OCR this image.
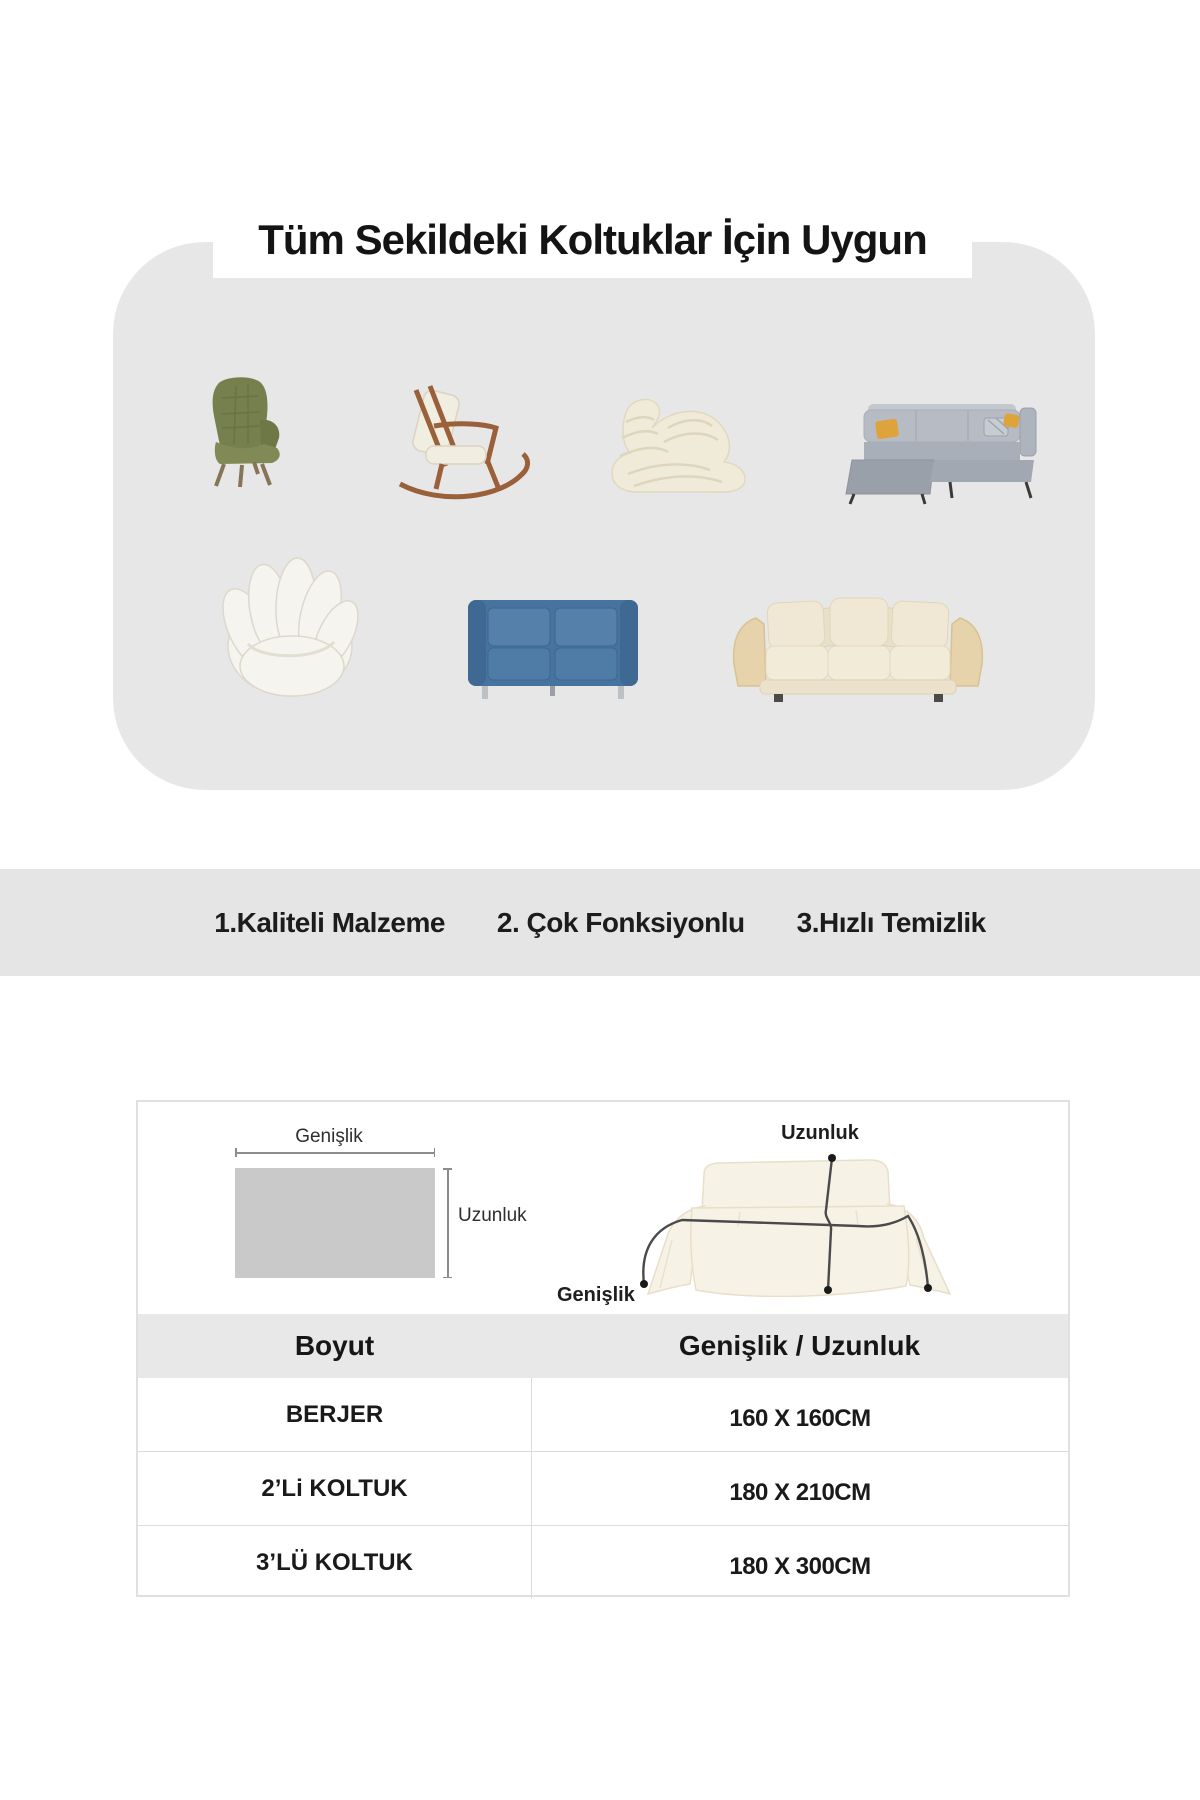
Tüm Sekildeki Koltuklar İçin Uygun
1.Kaliteli Malzeme 2. Çok Fonksiyonlu 3.Hızlı Temizlik
Genişlik
Uzunluk
Uzunluk
Genişlik
Boyut	Genişlik / Uzunluk
BERJER	160 X 160CM
2’Li KOLTUK	180 X 210CM
3’LÜ KOLTUK	180 X 300CM
